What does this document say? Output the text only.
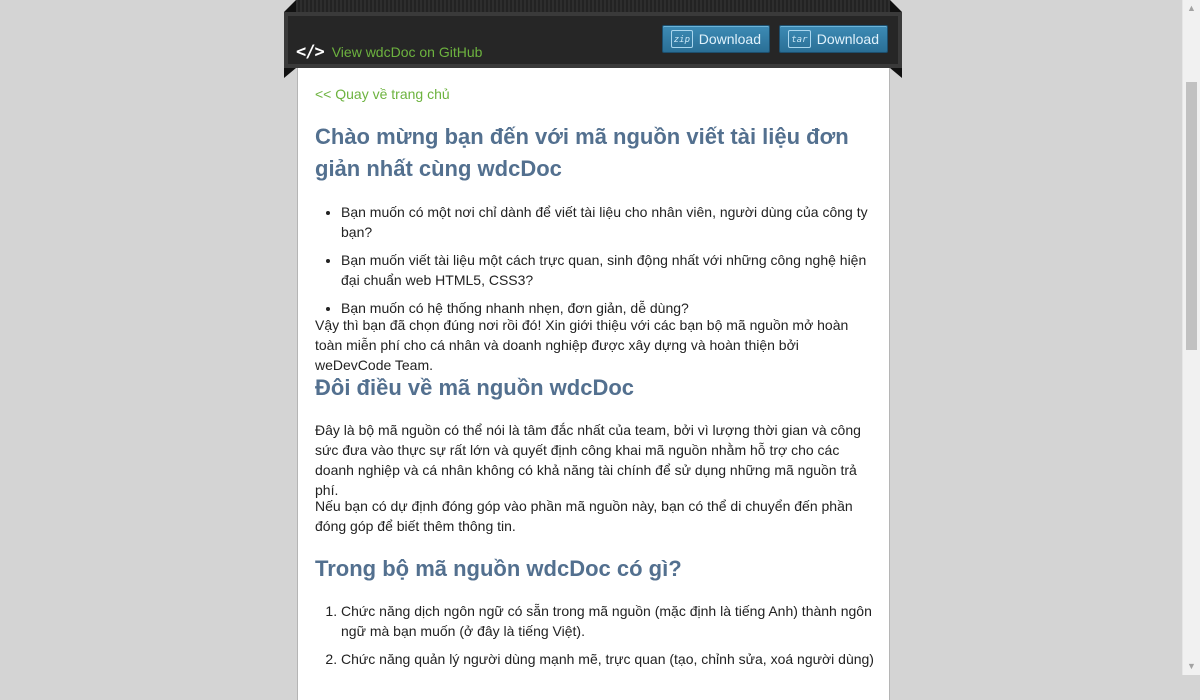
</> View wdcDoc on GitHub
zip Download	tar Download
<< Quay về trang chủ
Chào mừng bạn đến với mã nguồn viết tài liệu đơn giản nhất cùng wdcDoc
• Bạn muốn có một nơi chỉ dành để viết tài liệu cho nhân viên, người dùng của công ty bạn?
• Bạn muốn viết tài liệu một cách trực quan, sinh động nhất với những công nghệ hiện đại chuẩn web HTML5, CSS3?
• Bạn muốn có hệ thống nhanh nhẹn, đơn giản, dễ dùng?

Vậy thì bạn đã chọn đúng nơi rồi đó! Xin giới thiệu với các bạn bộ mã nguồn mở hoàn toàn miễn phí cho cá nhân và doanh nghiệp được xây dựng và hoàn thiện bởi weDevCode Team.

Đôi điều về mã nguồn wdcDoc

Đây là bộ mã nguồn có thể nói là tâm đắc nhất của team, bởi vì lượng thời gian và công sức đưa vào thực sự rất lớn và quyết định công khai mã nguồn nhằm hỗ trợ cho các doanh nghiệp và cá nhân không có khả năng tài chính để sử dụng những mã nguồn trả phí.

Nếu bạn có dự định đóng góp vào phần mã nguồn này, bạn có thể di chuyển đến phần đóng góp để biết thêm thông tin.

Trong bộ mã nguồn wdcDoc có gì?
1. Chức năng dịch ngôn ngữ có sẵn trong mã nguồn (mặc định là tiếng Anh) thành ngôn ngữ mà bạn muốn (ở đây là tiếng Việt).
2. Chức năng quản lý người dùng mạnh mẽ, trực quan (tạo, chỉnh sửa, xoá người dùng)
▲
▼
